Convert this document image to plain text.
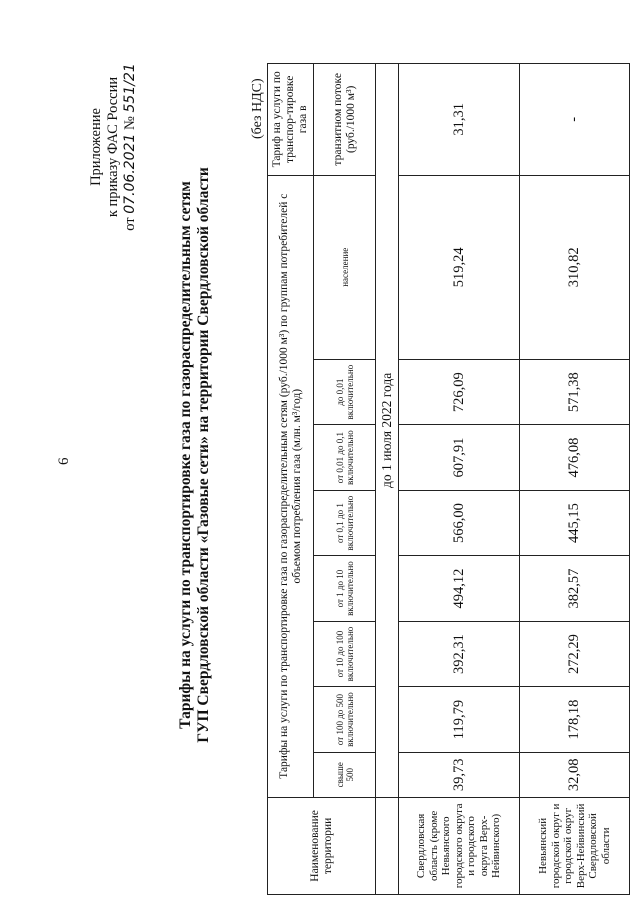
6
Приложение к приказу ФАС России
от 07.06.2021 № 551/21
Тарифы на услуги по транспортировке газа по газораспределительным сетям ГУП Свердловской области «Газовые сети» на территории Свердловской области
(без НДС)
Наименование территории	Тарифы на услуги по транспортировке газа по газораспределительным сетям (руб./1000 м³) по группам потребителей с объемом потребления газа (млн. м³/год)								Тариф на услуги по транспор-тировке газа в
	свыше 500	от 100 до 500 включительно	от 10 до 100 включительно	от 1 до 10 включительно	от 0,1 до 1 включительно	от 0,01 до 0,1 включительно	до 0,01 включительно	население	транзитном потоке (руб./1000 м³)
	до 1 июля 2022 года								
Свердловская область (кроме Невьянского городского округа и городского округа Верх-Нейвинского)	39,73	119,79	392,31	494,12	566,00	607,91	726,09	519,24	31,31
Невьянский городской округ и городской округ Верх-Нейвинский Свердловской области	32,08	178,18	272,29	382,57	445,15	476,08	571,38	310,82	-
